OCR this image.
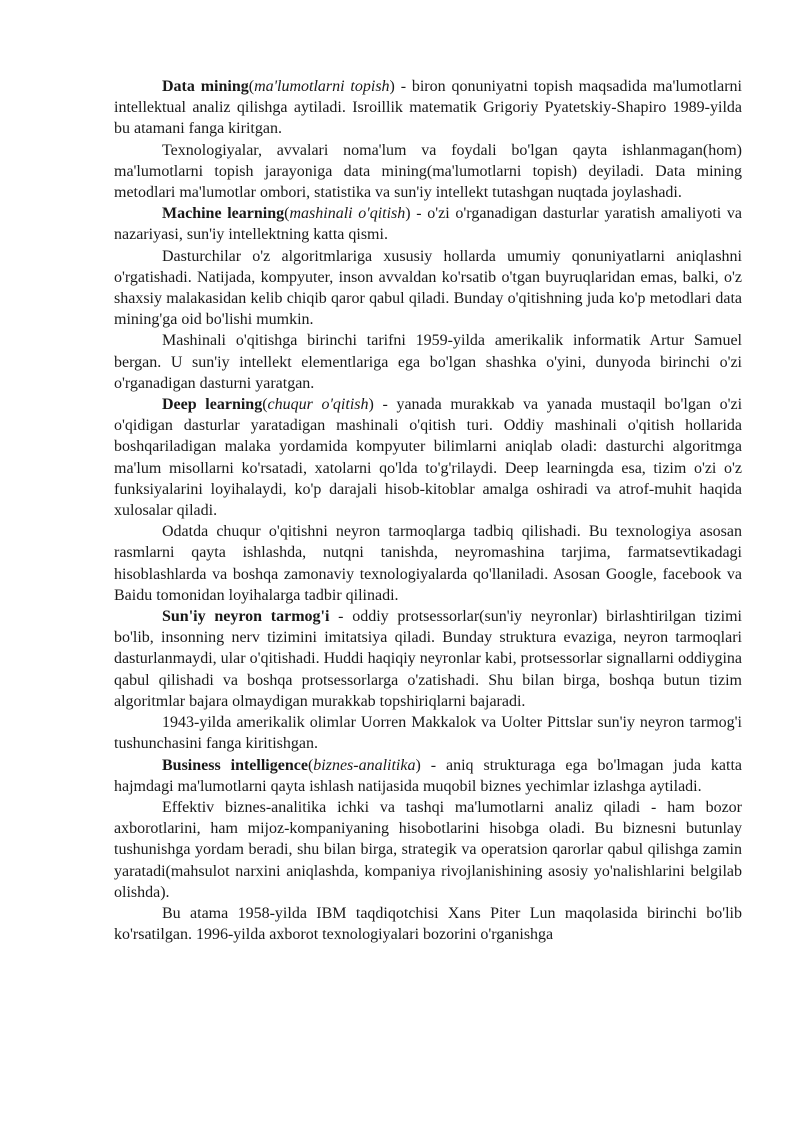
Data mining(ma'lumotlarni topish) - biron qonuniyatni topish maqsadida ma'lumotlarni intellektual analiz qilishga aytiladi. Isroillik matematik Grigoriy Pyatetskiy-Shapiro 1989-yilda bu atamani fanga kiritgan.

Texnologiyalar, avvalari noma'lum va foydali bo'lgan qayta ishlanmagan(hom) ma'lumotlarni topish jarayoniga data mining(ma'lumotlarni topish) deyiladi. Data mining metodlari ma'lumotlar ombori, statistika va sun'iy intellekt tutashgan nuqtada joylashadi.

Machine learning(mashinali o'qitish) - o'zi o'rganadigan dasturlar yaratish amaliyoti va nazariyasi, sun'iy intellektning katta qismi.

Dasturchilar o'z algoritmlariga xususiy hollarda umumiy qonuniyatlarni aniqlashni o'rgatishadi. Natijada, kompyuter, inson avvaldan ko'rsatib o'tgan buyruqlaridan emas, balki, o'z shaxsiy malakasidan kelib chiqib qaror qabul qiladi. Bunday o'qitishning juda ko'p metodlari data mining'ga oid bo'lishi mumkin.

Mashinali o'qitishga birinchi tarifni 1959-yilda amerikalik informatik Artur Samuel bergan. U sun'iy intellekt elementlariga ega bo'lgan shashka o'yini, dunyoda birinchi o'zi o'rganadigan dasturni yaratgan.

Deep learning(chuqur o'qitish) - yanada murakkab va yanada mustaqil bo'lgan o'zi o'qidigan dasturlar yaratadigan mashinali o'qitish turi. Oddiy mashinali o'qitish hollarida boshqariladigan malaka yordamida kompyuter bilimlarni aniqlab oladi: dasturchi algoritmga ma'lum misollarni ko'rsatadi, xatolarni qo'lda to'g'rilaydi. Deep learningda esa, tizim o'zi o'z funksiyalarini loyihalaydi, ko'p darajali hisob-kitoblar amalga oshiradi va atrof-muhit haqida xulosalar qiladi.

Odatda chuqur o'qitishni neyron tarmoqlarga tadbiq qilishadi. Bu texnologiya asosan rasmlarni qayta ishlashda, nutqni tanishda, neyromashina tarjima, farmatsevtikadagi hisoblashlarda va boshqa zamonaviy texnologiyalarda qo'llaniladi. Asosan Google, facebook va Baidu tomonidan loyihalarga tadbir qilinadi.

Sun'iy neyron tarmog'i - oddiy protsessorlar(sun'iy neyronlar) birlashtirilgan tizimi bo'lib, insonning nerv tizimini imitatsiya qiladi. Bunday struktura evaziga, neyron tarmoqlari dasturlanmaydi, ular o'qitishadi. Huddi haqiqiy neyronlar kabi, protsessorlar signallarni oddiygina qabul qilishadi va boshqa protsessorlarga o'zatishadi. Shu bilan birga, boshqa butun tizim algoritmlar bajara olmaydigan murakkab topshiriqlarni bajaradi.

1943-yilda amerikalik olimlar Uorren Makkalok va Uolter Pittslar sun'iy neyron tarmog'i tushunchasini fanga kiritishgan.

Business intelligence(biznes-analitika) - aniq strukturaga ega bo'lmagan juda katta hajmdagi ma'lumotlarni qayta ishlash natijasida muqobil biznes yechimlar izlashga aytiladi.

Effektiv biznes-analitika ichki va tashqi ma'lumotlarni analiz qiladi - ham bozor axborotlarini, ham mijoz-kompaniyaning hisobotlarini hisobga oladi. Bu biznesni butunlay tushunishga yordam beradi, shu bilan birga, strategik va operatsion qarorlar qabul qilishga zamin yaratadi(mahsulot narxini aniqlashda, kompaniya rivojlanishining asosiy yo'nalishlarini belgilab olishda).

Bu atama 1958-yilda IBM taqdiqotchisi Xans Piter Lun maqolasida birinchi bo'lib ko'rsatilgan. 1996-yilda axborot texnologiyalari bozorini o'rganishga
